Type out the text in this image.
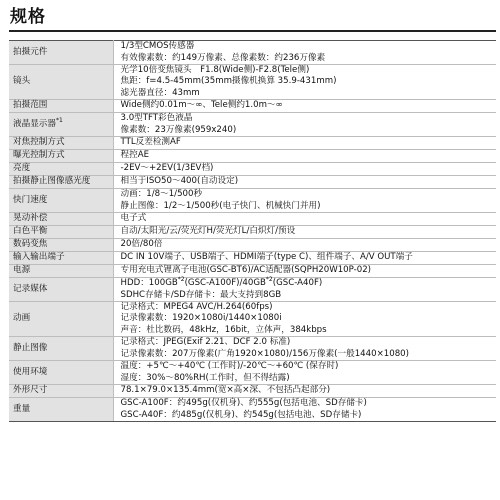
规格
拍摄元件	1/3型CMOS传感器
有效像素数：约149万像素、总像素数：约236万像素

镜头	光学10倍变焦镜头　F1.8(Wide侧)-F2.8(Tele侧)
焦距：f=4.5-45mm(35mm摄像机换算 35.9-431mm)
滤光器直径：43mm

拍摄范围	Wide侧约0.01m～∞、Tele侧约1.0m～∞

液晶显示器$^{*1}$	3.0型TFT彩色液晶
像素数：23万像素(959x240)

对焦控制方式	TTL反差检测AF

曝光控制方式	程控AE

亮度	-2EV～+2EV(1/3EV档)

拍摄静止图像感光度	相当于ISO50～400(自动设定)

快门速度	动画：1/8～1/500秒
静止图像：1/2～1/500秒(电子快门、机械快门并用)

晃动补偿	电子式

白色平衡	自动/太阳光/云/荧光灯H/荧光灯L/白炽灯/预设

数码变焦	20倍/80倍

输入输出端子	DC IN 10V端子、USB端子、HDMI端子(type C)、组件端子、A/V OUT端子

电源	专用充电式锂离子电池(GSC-BT6)/AC适配器(SQPH20W10P-02)

记录媒体	HDD：100GB$^{*2}$(GSC-A100F)/40GB$^{*2}$(GSC-A40F)
SDHC存储卡/SD存储卡：最大支持到8GB

动画	记录格式：MPEG4 AVC/H.264(60fps)
记录像素数：1920×1080i/1440×1080i
声音：杜比数码，48kHz，16bit，立体声，384kbps

静止图像	记录格式：JPEG(Exif 2.21、DCF 2.0 标准)
记录像素数：207万像素(广角1920×1080)/156万像素(一般1440×1080)

使用环境	温度：+5℃～+40℃ (工作时)/-20℃～+60℃ (保存时)
湿度：30%～80%RH(工作时，但不得结露)

外形尺寸	78.1×79.0×135.4mm(宽×高×深、不包括凸起部分)

重量	GSC-A100F：约495g(仅机身)、约555g(包括电池、SD存储卡)
GSC-A40F：约485g(仅机身)、约545g(包括电池、SD存储卡)
